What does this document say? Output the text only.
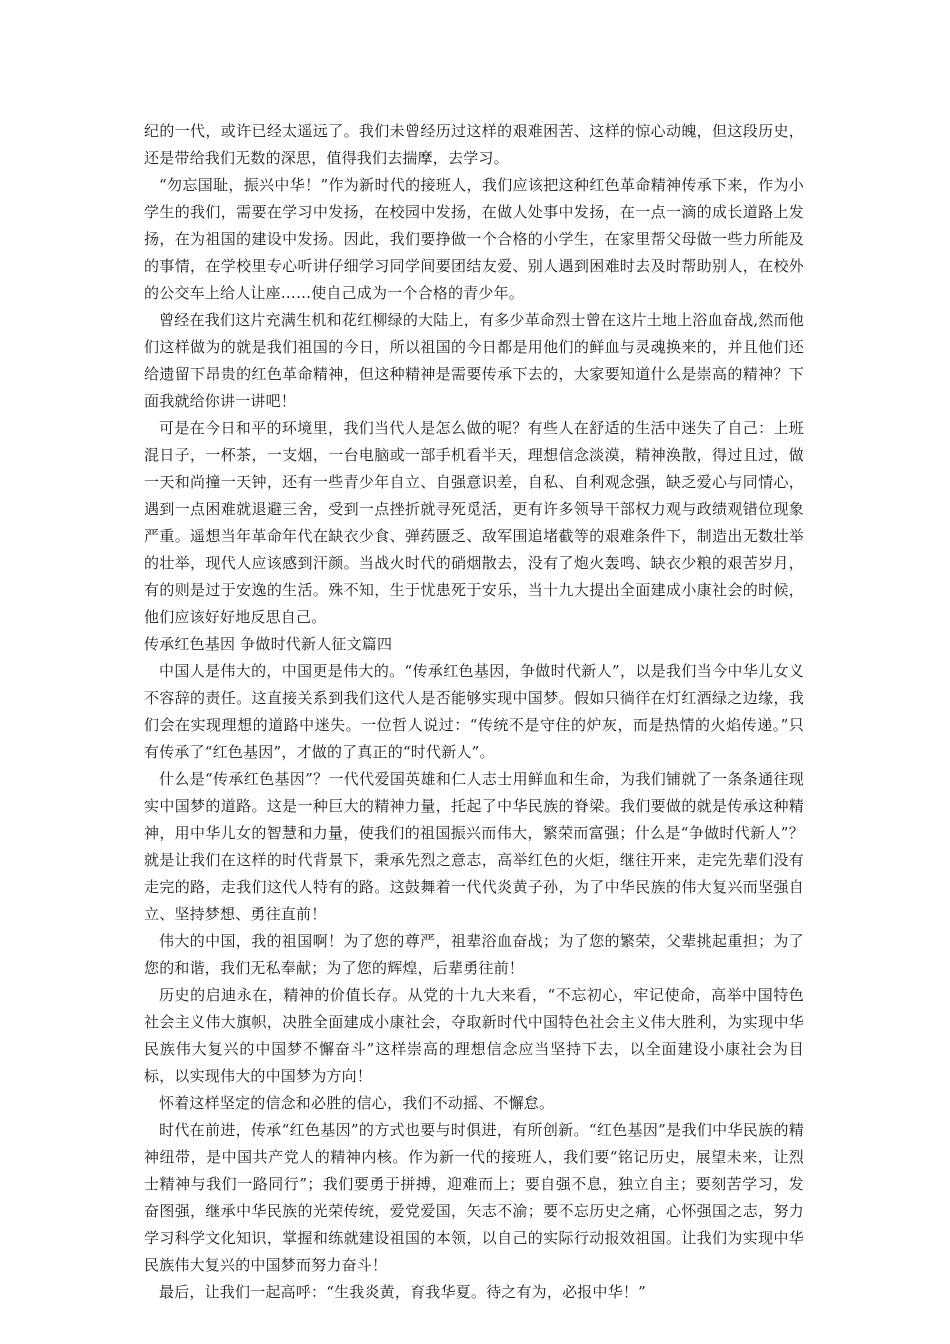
纪的一代，或许已经太遥远了。我们未曾经历过这样的艰难困苦、这样的惊心动魄，但这段历史，还是带给我们无数的深思，值得我们去揣摩，去学习。

“勿忘国耻，振兴中华！”作为新时代的接班人，我们应该把这种红色革命精神传承下来，作为小学生的我们，需要在学习中发扬，在校园中发扬，在做人处事中发扬，在一点一滴的成长道路上发扬，在为祖国的建设中发扬。因此，我们要挣做一个合格的小学生，在家里帮父母做一些力所能及的事情，在学校里专心听讲仔细学习同学间要团结友爱、别人遇到困难时去及时帮助别人，在校外的公交车上给人让座……使自己成为一个合格的青少年。

曾经在我们这片充满生机和花红柳绿的大陆上，有多少革命烈士曾在这片土地上浴血奋战,然而他们这样做为的就是我们祖国的今日，所以祖国的今日都是用他们的鲜血与灵魂换来的，并且他们还给遗留下昂贵的红色革命精神，但这种精神是需要传承下去的，大家要知道什么是崇高的精神？下面我就给你讲一讲吧！

可是在今日和平的环境里，我们当代人是怎么做的呢？有些人在舒适的生活中迷失了自己：上班混日子，一杯茶，一支烟，一台电脑或一部手机看半天，理想信念淡漠，精神涣散，得过且过，做一天和尚撞一天钟，还有一些青少年自立、自强意识差，自私、自利观念强，缺乏爱心与同情心，遇到一点困难就退避三舍，受到一点挫折就寻死觅活，更有许多领导干部权力观与政绩观错位现象严重。遥想当年革命年代在缺衣少食、弹药匮乏、敌军围追堵截等的艰难条件下，制造出无数壮举的壮举，现代人应该感到汗颜。当战火时代的硝烟散去，没有了炮火轰鸣、缺衣少粮的艰苦岁月，有的则是过于安逸的生活。殊不知，生于忧患死于安乐，当十九大提出全面建成小康社会的时候，他们应该好好地反思自己。

传承红色基因 争做时代新人征文篇四

中国人是伟大的，中国更是伟大的。“传承红色基因，争做时代新人”，以是我们当今中华儿女义不容辞的责任。这直接关系到我们这代人是否能够实现中国梦。假如只徜徉在灯红酒绿之边缘，我们会在实现理想的道路中迷失。一位哲人说过：“传统不是守住的炉灰，而是热情的火焰传递。”只有传承了“红色基因”，才做的了真正的“时代新人”。

什么是“传承红色基因”？一代代爱国英雄和仁人志士用鲜血和生命，为我们铺就了一条条通往现实中国梦的道路。这是一种巨大的精神力量，托起了中华民族的脊梁。我们要做的就是传承这种精神，用中华儿女的智慧和力量，使我们的祖国振兴而伟大，繁荣而富强；什么是“争做时代新人”？就是让我们在这样的时代背景下，秉承先烈之意志，高举红色的火炬，继往开来，走完先辈们没有走完的路，走我们这代人特有的路。这鼓舞着一代代炎黄子孙，为了中华民族的伟大复兴而坚强自立、坚持梦想、勇往直前！

伟大的中国，我的祖国啊！为了您的尊严，祖辈浴血奋战；为了您的繁荣，父辈挑起重担；为了您的和谐，我们无私奉献；为了您的辉煌，后辈勇往前！

历史的启迪永在，精神的价值长存。从党的十九大来看，“不忘初心，牢记使命，高举中国特色社会主义伟大旗帜，决胜全面建成小康社会，夺取新时代中国特色社会主义伟大胜利，为实现中华民族伟大复兴的中国梦不懈奋斗”这样崇高的理想信念应当坚持下去，以全面建设小康社会为目标，以实现伟大的中国梦为方向！

怀着这样坚定的信念和必胜的信心，我们不动摇、不懈怠。

时代在前进，传承“红色基因”的方式也要与时俱进，有所创新。“红色基因”是我们中华民族的精神纽带，是中国共产党人的精神内核。作为新一代的接班人，我们要“铭记历史，展望未来，让烈士精神与我们一路同行”；我们要勇于拼搏，迎难而上；要自强不息，独立自主；要刻苦学习，发奋图强，继承中华民族的光荣传统，爱党爱国，矢志不渝；要不忘历史之痛，心怀强国之志，努力学习科学文化知识，掌握和练就建设祖国的本领，以自己的实际行动报效祖国。让我们为实现中华民族伟大复兴的中国梦而努力奋斗！

最后，让我们一起高呼：“生我炎黄，育我华夏。待之有为，必报中华！”
